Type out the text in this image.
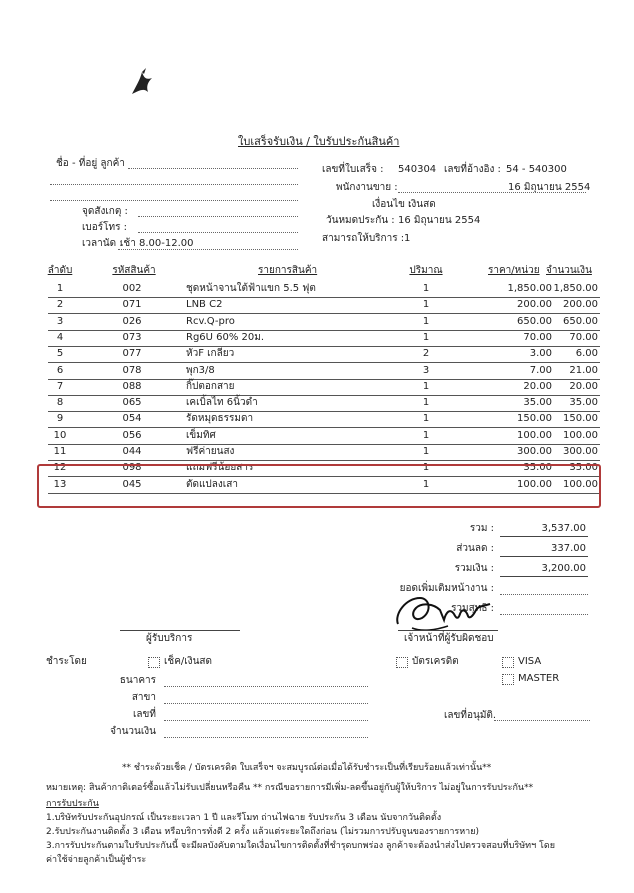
ใบเสร็จรับเงิน / ใบรับประกันสินค้า
ชื่อ - ที่อยู่ ลูกค้า
จุดสังเกตุ :
เบอร์โทร :
เวลานัด :
เช้า 8.00-12.00
เลขที่ใบเสร็จ : 540304 เลขที่อ้างอิง : 54 - 540300
พนักงานขาย :	16 มิถุนายน 2554
เงื่อนไข :
เงินสด
วันหมดประกัน : 16 มิถุนายน 2554
สามารถให้บริการ : 1
ลำดับ	รหัสสินค้า	รายการสินค้า	ปริมาณ	ราคา/หน่วย จำนวนเงิน
1	002	ชุดหน้าจานใต้ฟ้าแขก 5.5 ฟุต	1	1,850.00 1,850.00
2	071	LNB C2	1	200.00	200.00
3	026	Rcv.Q-pro	1	650.00	650.00
4	073	Rg6U 60% 20ม.	1	70.00	70.00
5	077	หัวF เกลียว	2	3.00	6.00
6	078	พุก3/8	3	7.00	21.00
7	088	กิ๊ปตอกสาย	1	20.00	20.00
8	065	เคเบิ้ลไท 6นิ้วดำ	1	35.00	35.00
9	054	รัดหมุดธรรมดา	1	150.00	150.00
10	056	เข็มทิศ	1	100.00	100.00
11	044	ฟรีค่ายนสง	1	300.00	300.00
12	098	แถมฟรีน้อยสาร	1	35.00	35.00
13	045	ตัดแปลงเสา	1	100.00	100.00
รวม :	3,537.00
ส่วนลด :	337.00
รวมเงิน :	3,200.00
ยอดเพิ่มเติมหน้างาน :
รวมสุทธิ :
ผู้รับบริการ	เจ้าหน้าที่ผู้รับผิดชอบ
ชำระโดย	เช็ค/เงินสด	บัตรเครดิต	VISA
MASTER
ธนาคาร
สาขา
เลขที่	เลขที่อนุมัติ.
จำนวนเงิน
** ชำระด้วยเช็ค / บัตรเครดิต ใบเสร็จฯ จะสมบูรณ์ต่อเมื่อได้รับชำระเป็นที่เรียบร้อยแล้วเท่านั้น**
หมายเหตุ: สินค้ากาติเตอร์ซื้อแล้วไม่รับเปลี่ยนหรือคืน ** กรณีขอรายการมีเพิ่ม-ลดขึ้นอยู่กับผู้ให้บริการ ไม่อยู่ในการรับประกัน**
การรับประกัน
1.บริษัทรับประกันอุปกรณ์ เป็นระยะเวลา 1 ปี และรีโมท ถ่านไฟฉาย รับประกัน 3 เดือน นับจากวันติดตั้ง
2.รับประกันงานติดตั้ง 3 เดือน หรือบริการทั่งดี 2 ครั้ง แล้วแต่ระยะใดถึงก่อน (ไม่รวมการปรับจูนของรายการหาย)
3.การรับประกันตามใบรับประกันนี้ จะมีผลบังคับตามใดเงื่อนไขการติดตั้งที่ชำรุดบกพร่อง ลูกค้าจะต้องนำส่งไปตรวจสอบที่บริษัทฯ โดย
ค่าใช้จ่ายลูกค้าเป็นผู้ชำระ
